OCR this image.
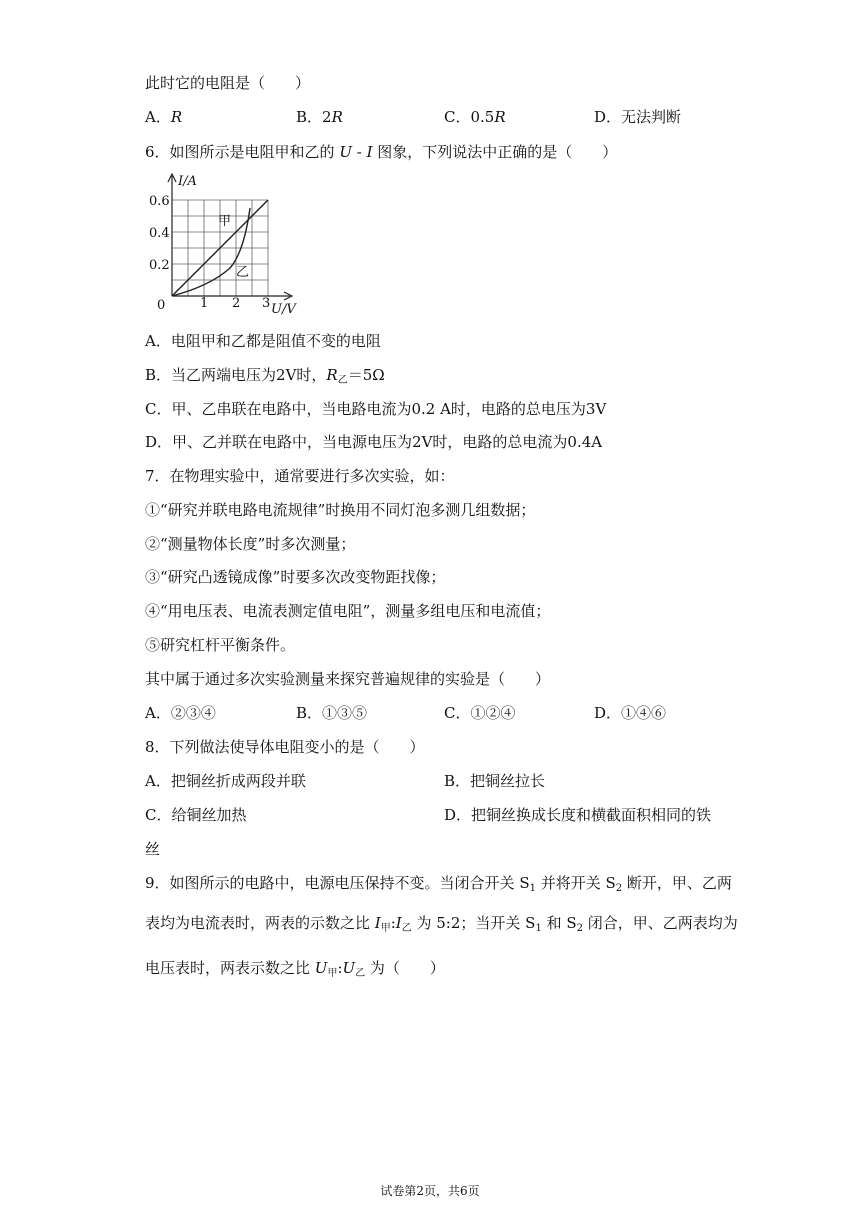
此时它的电阻是（　　）
A．R	B．2R	C．0.5R	D．无法判断
6．如图所示是电阻甲和乙的 U - I 图象，下列说法中正确的是（　　）
I/A
U/V
0.6
0.4
0.2
0	1 2 3
甲
乙
A．电阻甲和乙都是阻值不变的电阻
B．当乙两端电压为2V时，$R_乙=5\Omega$
C．甲、乙串联在电路中，当电路电流为0.2 A时，电路的总电压为3V
D．甲、乙并联在电路中，当电源电压为2V时，电路的总电流为0.4A
7．在物理实验中，通常要进行多次实验，如：
①“研究并联电路电流规律”时换用不同灯泡多测几组数据；
②“测量物体长度”时多次测量；
③“研究凸透镜成像”时要多次改变物距找像；
④“用电压表、电流表测定值电阻”，测量多组电压和电流值；
⑤研究杠杆平衡条件。
其中属于通过多次实验测量来探究普遍规律的实验是（　　）
A．②③④	B．①③⑤	C．①②④	D．①④⑥
8．下列做法使导体电阻变小的是（　　）
A．把铜丝折成两段并联	B．把铜丝拉长
C．给铜丝加热	D．把铜丝换成长度和横截面积相同的铁
丝
9．如图所示的电路中，电源电压保持不变。当闭合开关 $S_1$ 并将开关 $S_2$ 断开，甲、乙两
表均为电流表时，两表的示数之比 $I_甲:I_乙$ 为 5:2；当开关 $S_1$ 和 $S_2$ 闭合，甲、乙两表均为
电压表时，两表示数之比 $U_甲:U_乙$ 为（　　）
试卷第2页，共6页
